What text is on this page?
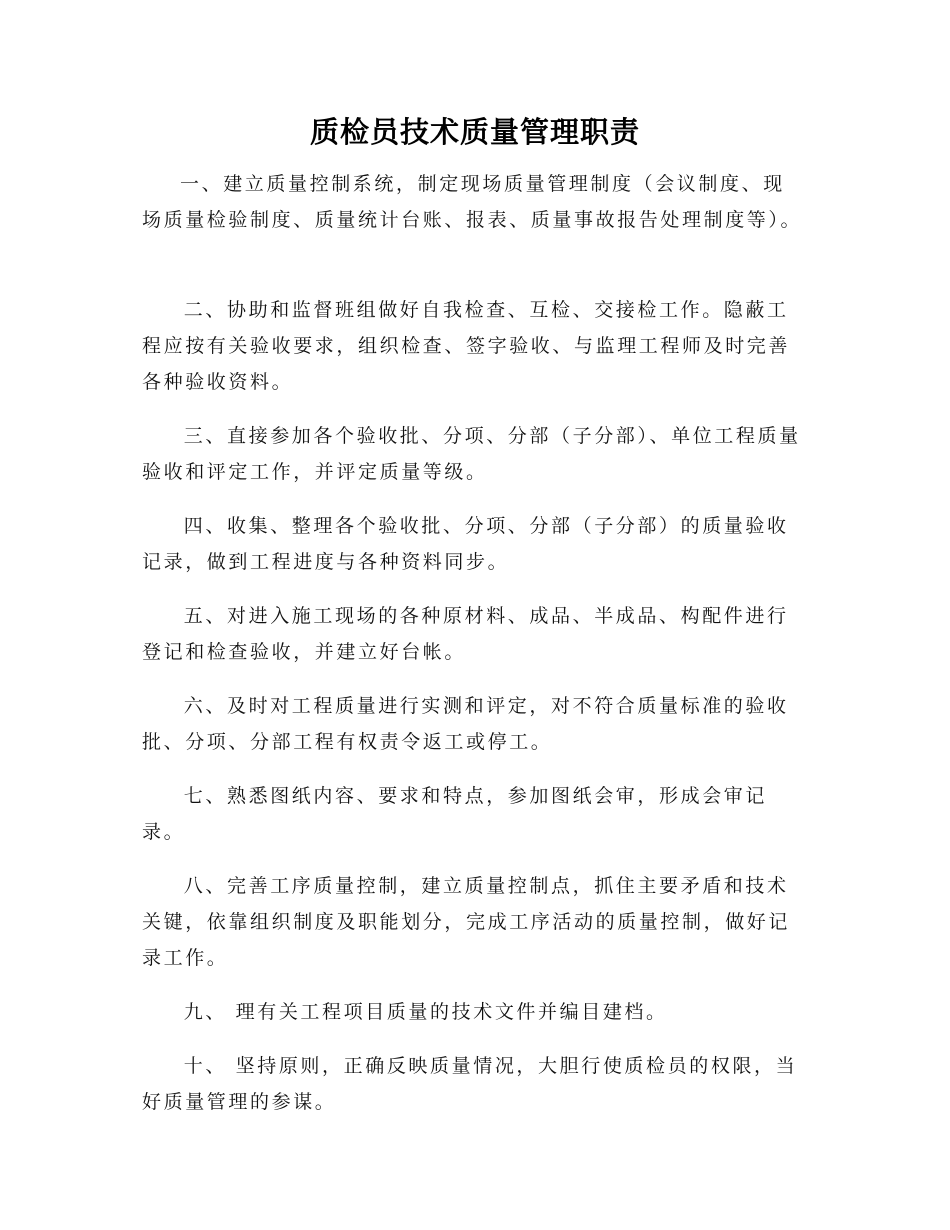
质检员技术质量管理职责

一、建立质量控制系统，制定现场质量管理制度（会议制度、现场质量检验制度、质量统计台账、报表、质量事故报告处理制度等）。

二、协助和监督班组做好自我检查、互检、交接检工作。隐蔽工程应按有关验收要求，组织检查、签字验收、与监理工程师及时完善各种验收资料。

三、直接参加各个验收批、分项、分部（子分部）、单位工程质量验收和评定工作，并评定质量等级。

四、收集、整理各个验收批、分项、分部（子分部）的质量验收记录，做到工程进度与各种资料同步。

五、对进入施工现场的各种原材料、成品、半成品、构配件进行登记和检查验收，并建立好台帐。

六、及时对工程质量进行实测和评定，对不符合质量标准的验收批、分项、分部工程有权责令返工或停工。

七、熟悉图纸内容、要求和特点，参加图纸会审，形成会审记录。

八、完善工序质量控制，建立质量控制点，抓住主要矛盾和技术关键，依靠组织制度及职能划分，完成工序活动的质量控制，做好记录工作。

九、 理有关工程项目质量的技术文件并编目建档。

十、 坚持原则，正确反映质量情况，大胆行使质检员的权限，当好质量管理的参谋。
